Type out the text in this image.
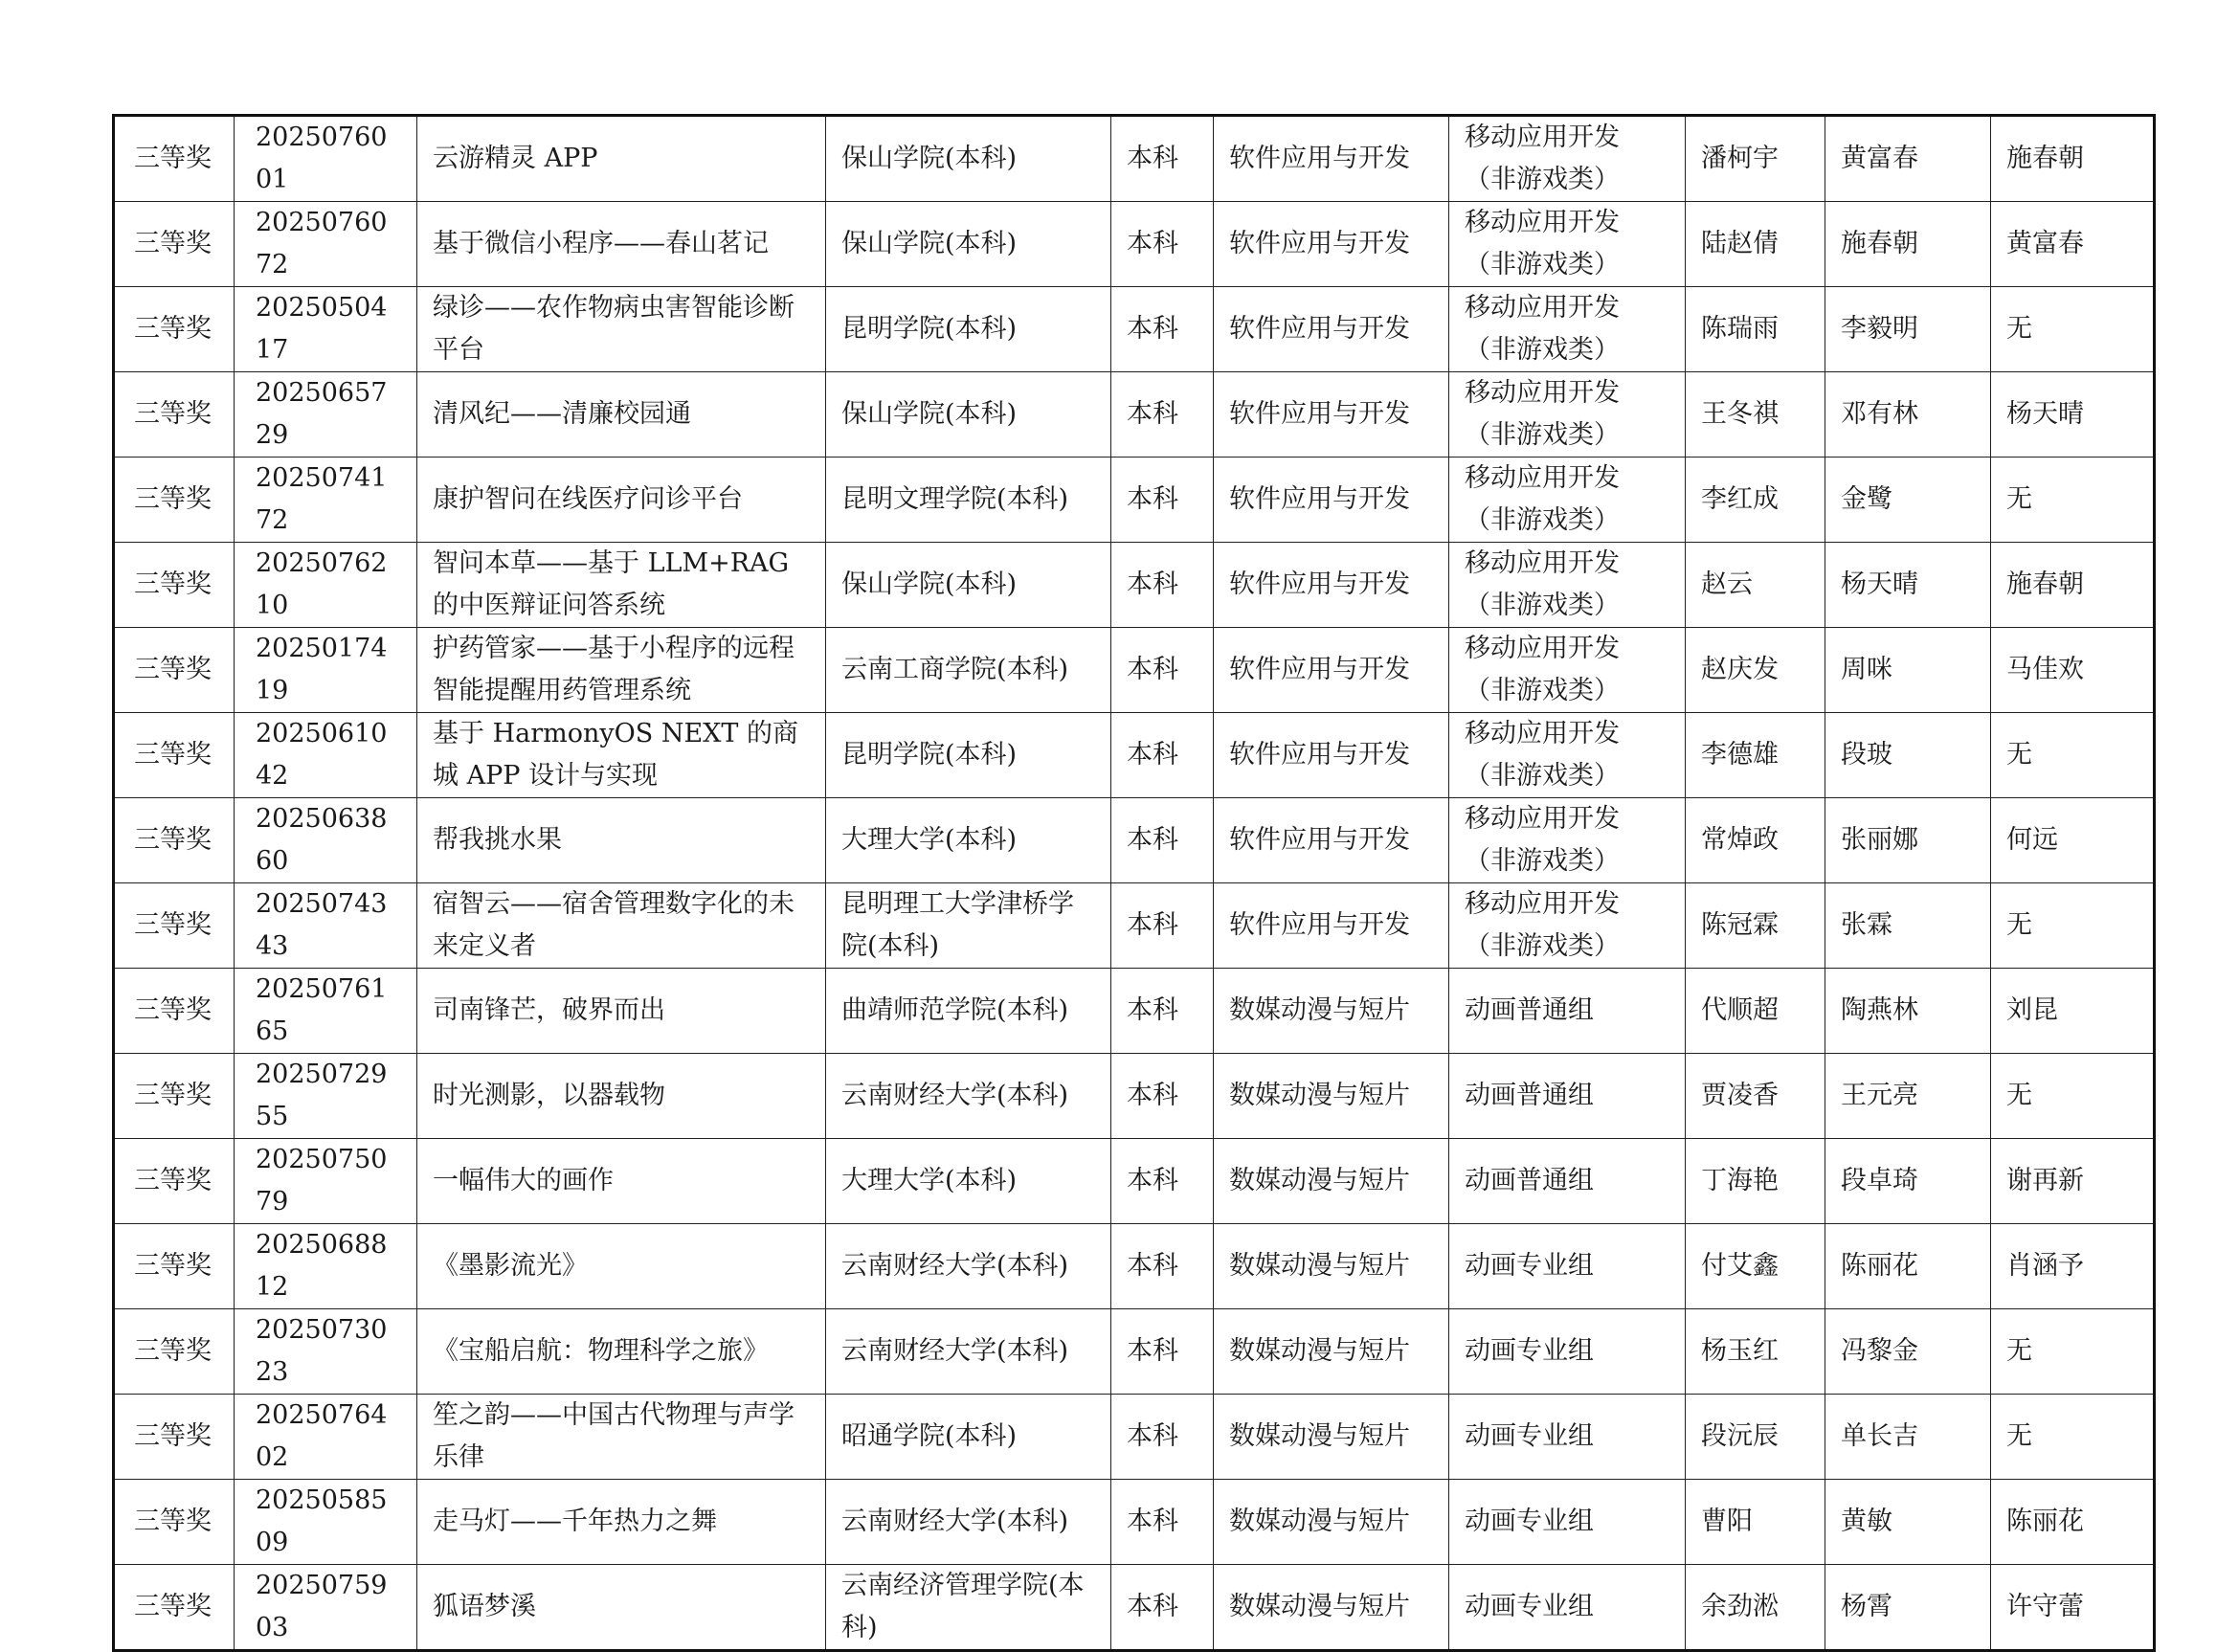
三等奖	2025076001	云游精灵 APP	保山学院(本科)	本科	软件应用与开发	移动应用开发（非游戏类）	潘柯宇	黄富春	施春朝
三等奖	2025076072	基于微信小程序——春山茗记	保山学院(本科)	本科	软件应用与开发	移动应用开发（非游戏类）	陆赵倩	施春朝	黄富春
三等奖	2025050417	绿诊——农作物病虫害智能诊断平台	昆明学院(本科)	本科	软件应用与开发	移动应用开发（非游戏类）	陈瑞雨	李毅明	无
三等奖	2025065729	清风纪——清廉校园通	保山学院(本科)	本科	软件应用与开发	移动应用开发（非游戏类）	王冬祺	邓有林	杨天晴
三等奖	2025074172	康护智问在线医疗问诊平台	昆明文理学院(本科)	本科	软件应用与开发	移动应用开发（非游戏类）	李红成	金鹭	无
三等奖	2025076210	智问本草——基于 LLM+RAG 的中医辩证问答系统	保山学院(本科)	本科	软件应用与开发	移动应用开发（非游戏类）	赵云	杨天晴	施春朝
三等奖	2025017419	护药管家——基于小程序的远程智能提醒用药管理系统	云南工商学院(本科)	本科	软件应用与开发	移动应用开发（非游戏类）	赵庆发	周咪	马佳欢
三等奖	2025061042	基于 HarmonyOS NEXT 的商城 APP 设计与实现	昆明学院(本科)	本科	软件应用与开发	移动应用开发（非游戏类）	李德雄	段玻	无
三等奖	2025063860	帮我挑水果	大理大学(本科)	本科	软件应用与开发	移动应用开发（非游戏类）	常焯政	张丽娜	何远
三等奖	2025074343	宿智云——宿舍管理数字化的未来定义者	昆明理工大学津桥学院(本科)	本科	软件应用与开发	移动应用开发（非游戏类）	陈冠霖	张霖	无
三等奖	2025076165	司南锋芒，破界而出	曲靖师范学院(本科)	本科	数媒动漫与短片	动画普通组	代顺超	陶燕林	刘昆
三等奖	2025072955	时光测影，以器载物	云南财经大学(本科)	本科	数媒动漫与短片	动画普通组	贾凌香	王元亮	无
三等奖	2025075079	一幅伟大的画作	大理大学(本科)	本科	数媒动漫与短片	动画普通组	丁海艳	段卓琦	谢再新
三等奖	2025068812	《墨影流光》	云南财经大学(本科)	本科	数媒动漫与短片	动画专业组	付艾鑫	陈丽花	肖涵予
三等奖	2025073023	《宝船启航：物理科学之旅》	云南财经大学(本科)	本科	数媒动漫与短片	动画专业组	杨玉红	冯黎金	无
三等奖	2025076402	笙之韵——中国古代物理与声学乐律	昭通学院(本科)	本科	数媒动漫与短片	动画专业组	段沅辰	单长吉	无
三等奖	2025058509	走马灯——千年热力之舞	云南财经大学(本科)	本科	数媒动漫与短片	动画专业组	曹阳	黄敏	陈丽花
三等奖	2025075903	狐语梦溪	云南经济管理学院(本科)	本科	数媒动漫与短片	动画专业组	余劲淞	杨霄	许守蕾
